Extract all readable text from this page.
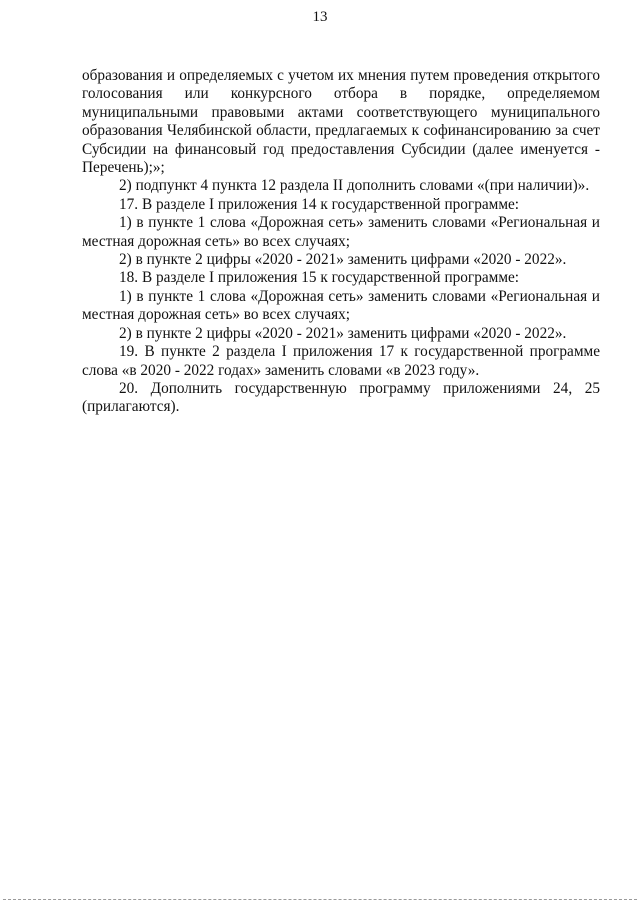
13

образования и определяемых с учетом их мнения путем проведения открытого голосования или конкурсного отбора в порядке, определяемом муниципальными правовыми актами соответствующего муниципального образования Челябинской области, предлагаемых к софинансированию за счет Субсидии на финансовый год предоставления Субсидии (далее именуется - Перечень);»;

2) подпункт 4 пункта 12 раздела II дополнить словами «(при наличии)».

17. В разделе I приложения 14 к государственной программе:

1) в пункте 1 слова «Дорожная сеть» заменить словами «Региональная и местная дорожная сеть» во всех случаях;

2) в пункте 2 цифры «2020 - 2021» заменить цифрами «2020 - 2022».

18. В разделе I приложения 15 к государственной программе:

1) в пункте 1 слова «Дорожная сеть» заменить словами «Региональная и местная дорожная сеть» во всех случаях;

2) в пункте 2 цифры «2020 - 2021» заменить цифрами «2020 - 2022».

19. В пункте 2 раздела I приложения 17 к государственной программе слова «в 2020 - 2022 годах» заменить словами «в 2023 году».

20. Дополнить государственную программу приложениями 24, 25 (прилагаются).
